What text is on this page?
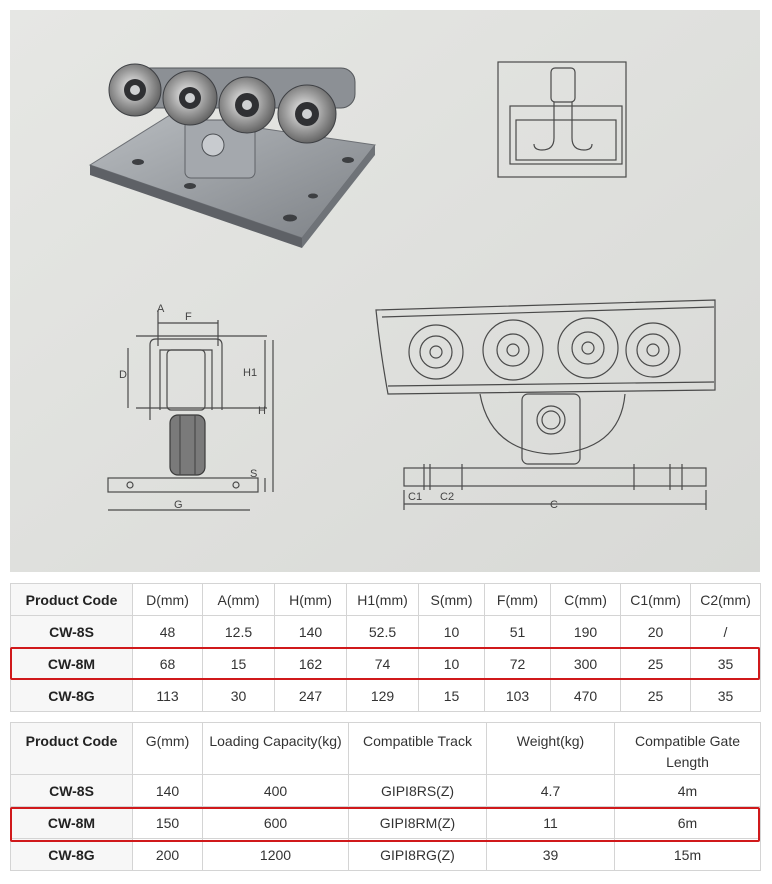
A
F
D	H1
H
S
G
C1 C2
C
Product Code	D(mm)	A(mm)	H(mm)	H1(mm)	S(mm)	F(mm)	C(mm)	C1(mm)	C2(mm)
CW-8S	48	12.5	140	52.5	10	51	190	20	/
CW-8M	68	15	162	74	10	72	300	25	35
CW-8G	113	30	247	129	15	103	470	25	35
Product Code	G(mm)	Loading Capacity(kg)	Compatible Track	Weight(kg)	Compatible Gate Length
CW-8S	140	400	GIPI8RS(Z)	4.7	4m
CW-8M	150	600	GIPI8RM(Z)	11	6m
CW-8G	200	1200	GIPI8RG(Z)	39	15m
